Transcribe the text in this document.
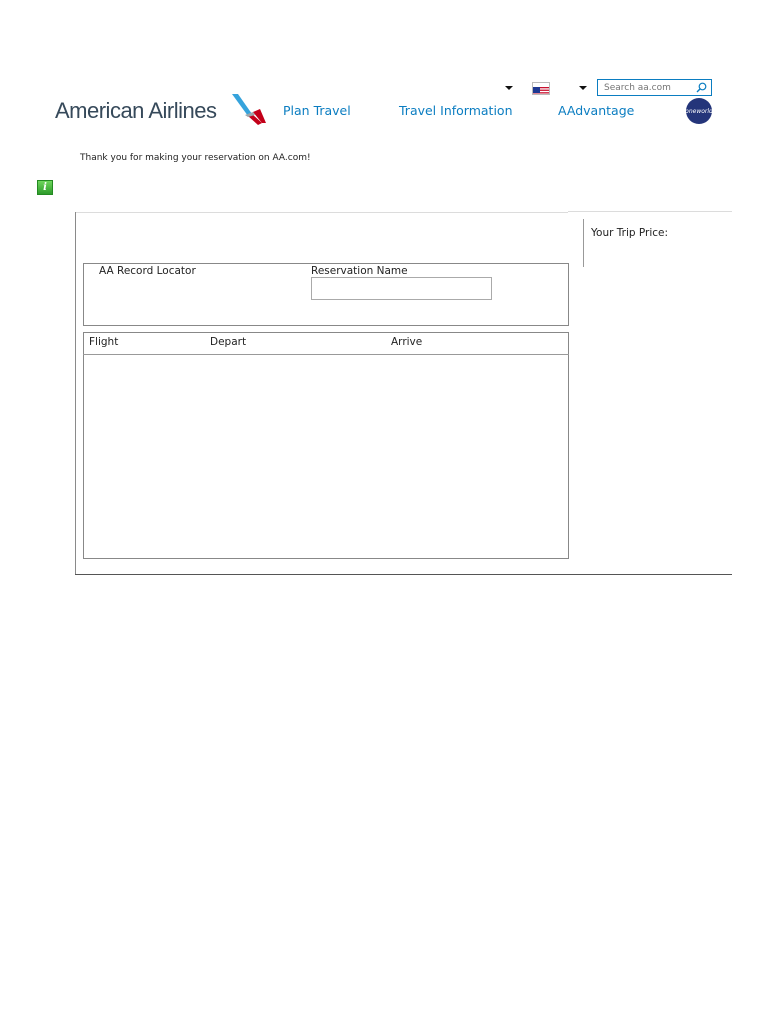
Search aa.com
American Airlines	Plan Travel	Travel Information	AAdvantage	oneworld
Thank you for making your reservation on AA.com!
i
Your Trip Price:
AA Record Locator	Reservation Name
Flight	Depart	Arrive
